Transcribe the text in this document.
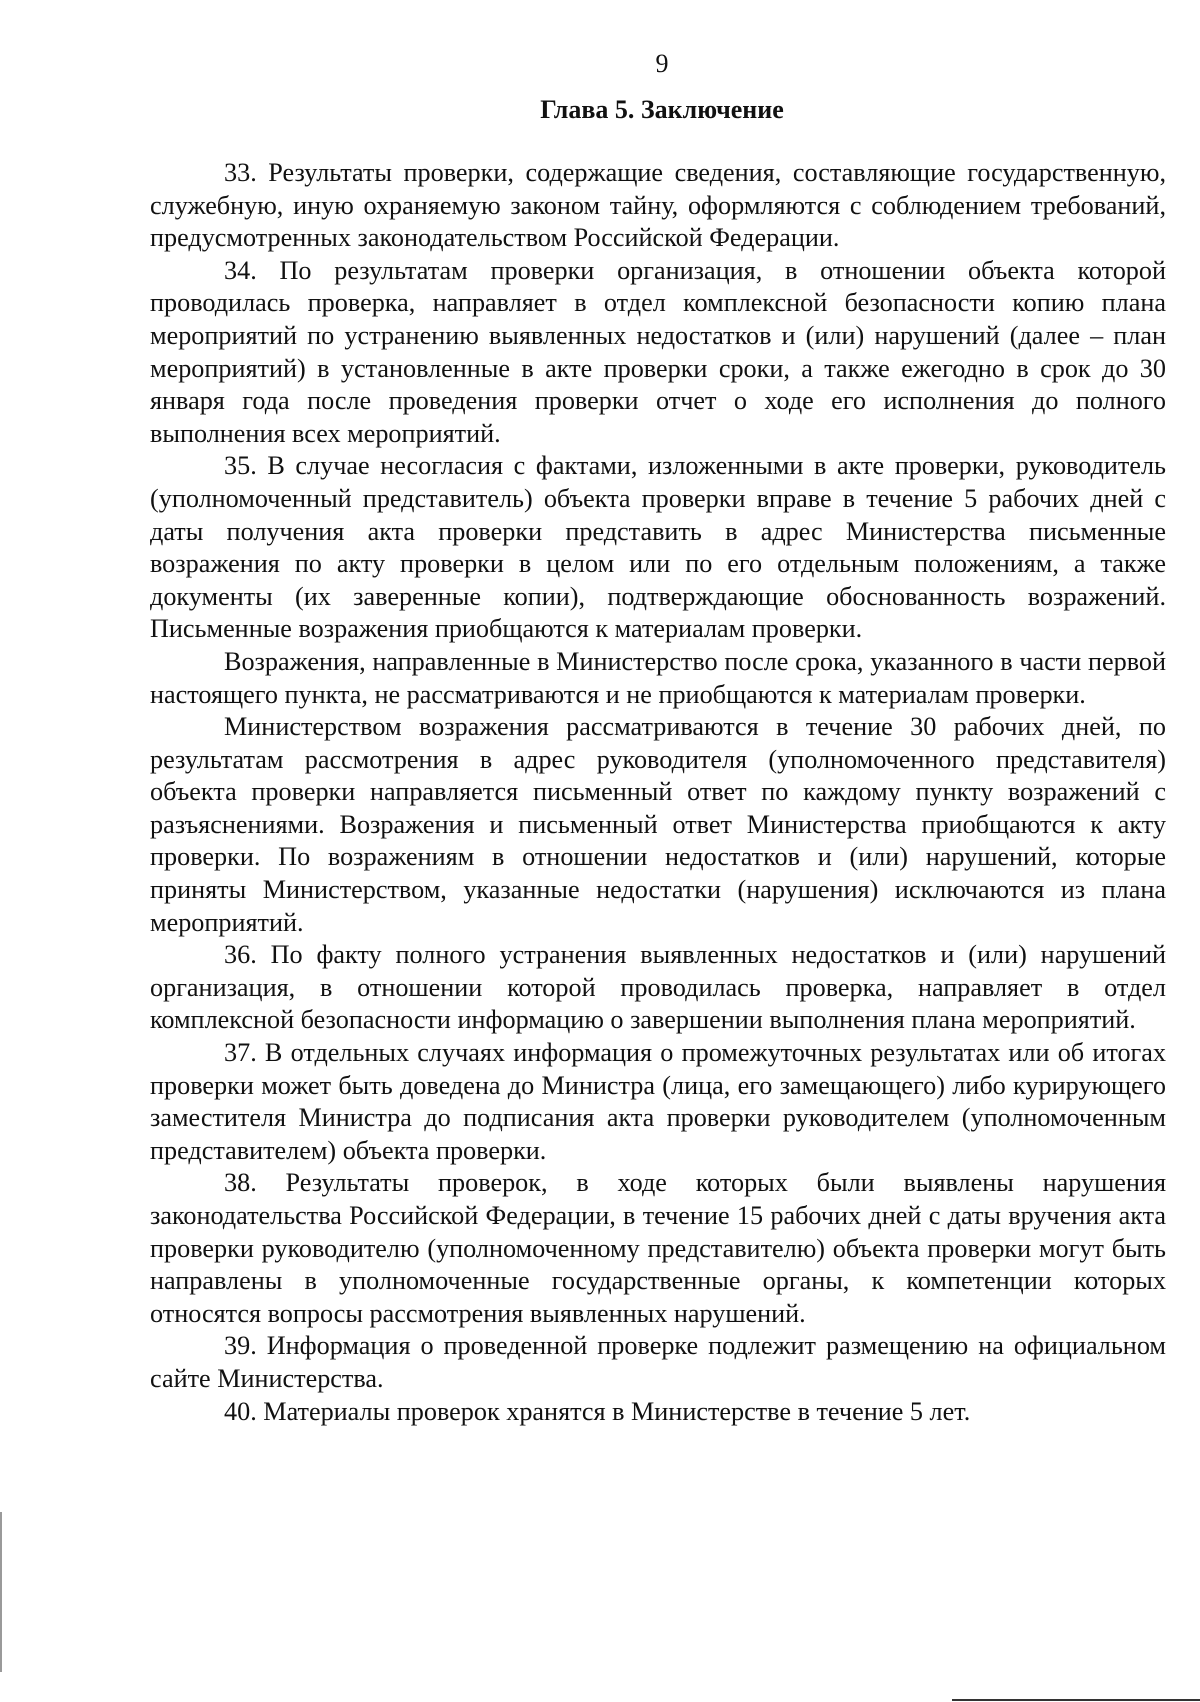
9
Глава 5. Заключение

33. Результаты проверки, содержащие сведения, составляющие государственную, служебную, иную охраняемую законом тайну, оформляются с соблюдением требований, предусмотренных законодательством Российской Федерации.

34. По результатам проверки организация, в отношении объекта которой проводилась проверка, направляет в отдел комплексной безопасности копию плана мероприятий по устранению выявленных недостатков и (или) нарушений (далее – план мероприятий) в установленные в акте проверки сроки, а также ежегодно в срок до 30 января года после проведения проверки отчет о ходе его исполнения до полного выполнения всех мероприятий.

35. В случае несогласия с фактами, изложенными в акте проверки, руководитель (уполномоченный представитель) объекта проверки вправе в течение 5 рабочих дней с даты получения акта проверки представить в адрес Министерства письменные возражения по акту проверки в целом или по его отдельным положениям, а также документы (их заверенные копии), подтверждающие обоснованность возражений. Письменные возражения приобщаются к материалам проверки.

Возражения, направленные в Министерство после срока, указанного в части первой настоящего пункта, не рассматриваются и не приобщаются к материалам проверки.

Министерством возражения рассматриваются в течение 30 рабочих дней, по результатам рассмотрения в адрес руководителя (уполномоченного представителя) объекта проверки направляется письменный ответ по каждому пункту возражений с разъяснениями. Возражения и письменный ответ Министерства приобщаются к акту проверки. По возражениям в отношении недостатков и (или) нарушений, которые приняты Министерством, указанные недостатки (нарушения) исключаются из плана мероприятий.

36. По факту полного устранения выявленных недостатков и (или) нарушений организация, в отношении которой проводилась проверка, направляет в отдел комплексной безопасности информацию о завершении выполнения плана мероприятий.

37. В отдельных случаях информация о промежуточных результатах или об итогах проверки может быть доведена до Министра (лица, его замещающего) либо курирующего заместителя Министра до подписания акта проверки руководителем (уполномоченным представителем) объекта проверки.

38. Результаты проверок, в ходе которых были выявлены нарушения законодательства Российской Федерации, в течение 15 рабочих дней с даты вручения акта проверки руководителю (уполномоченному представителю) объекта проверки могут быть направлены в уполномоченные государственные органы, к компетенции которых относятся вопросы рассмотрения выявленных нарушений.

39. Информация о проведенной проверке подлежит размещению на официальном сайте Министерства.

40. Материалы проверок хранятся в Министерстве в течение 5 лет.
